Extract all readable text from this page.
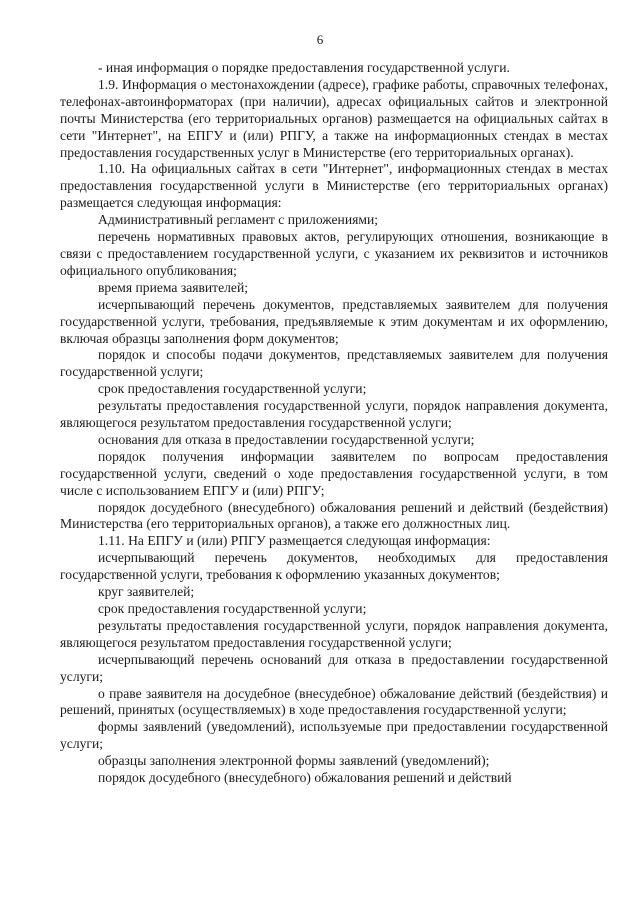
6

- иная информация о порядке предоставления государственной услуги.

1.9. Информация о местонахождении (адресе), графике работы, справочных телефонах, телефонах-автоинформаторах (при наличии), адресах официальных сайтов и электронной почты Министерства (его территориальных органов) размещается на официальных сайтах в сети "Интернет", на ЕПГУ и (или) РПГУ, а также на информационных стендах в местах предоставления государственных услуг в Министерстве (его территориальных органах).

1.10. На официальных сайтах в сети "Интернет", информационных стендах в местах предоставления государственной услуги в Министерстве (его территориальных органах) размещается следующая информация:

Административный регламент с приложениями;

перечень нормативных правовых актов, регулирующих отношения, возникающие в связи с предоставлением государственной услуги, с указанием их реквизитов и источников официального опубликования;

время приема заявителей;

исчерпывающий перечень документов, представляемых заявителем для получения государственной услуги, требования, предъявляемые к этим документам и их оформлению, включая образцы заполнения форм документов;

порядок и способы подачи документов, представляемых заявителем для получения государственной услуги;

срок предоставления государственной услуги;

результаты предоставления государственной услуги, порядок направления документа, являющегося результатом предоставления государственной услуги;

основания для отказа в предоставлении государственной услуги;

порядок получения информации заявителем по вопросам предоставления государственной услуги, сведений о ходе предоставления государственной услуги, в том числе с использованием ЕПГУ и (или) РПГУ;

порядок досудебного (внесудебного) обжалования решений и действий (бездействия) Министерства (его территориальных органов), а также его должностных лиц.

1.11. На ЕПГУ и (или) РПГУ размещается следующая информация:

исчерпывающий перечень документов, необходимых для предоставления государственной услуги, требования к оформлению указанных документов;

круг заявителей;

срок предоставления государственной услуги;

результаты предоставления государственной услуги, порядок направления документа, являющегося результатом предоставления государственной услуги;

исчерпывающий перечень оснований для отказа в предоставлении государственной услуги;

о праве заявителя на досудебное (внесудебное) обжалование действий (бездействия) и решений, принятых (осуществляемых) в ходе предоставления государственной услуги;

формы заявлений (уведомлений), используемые при предоставлении государственной услуги;

образцы заполнения электронной формы заявлений (уведомлений);

порядок досудебного (внесудебного) обжалования решений и действий
